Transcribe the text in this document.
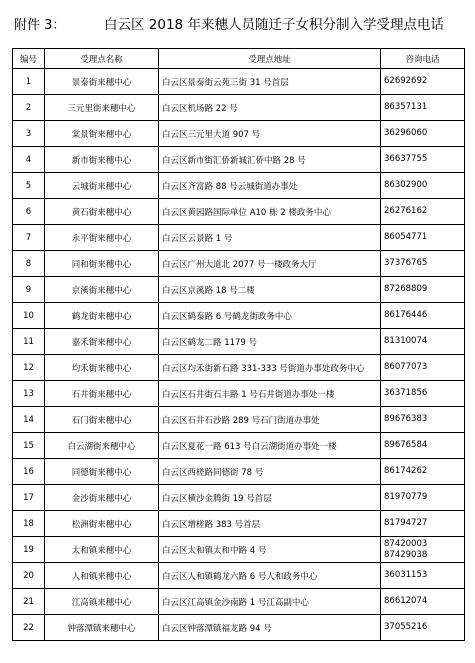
附件 3：	白云区 2018 年来穗人员随迁子女积分制入学受理点电话
编号	受理点名称	受理点地址	咨询电话
1	景泰街来穗中心	白云区景泰街云苑三街 31 号首层	62692692

2	三元里街来穗中心	白云区机场路 22 号	86357131

3	棠景街来穗中心	白云区三元里大道 907 号	36296060

4	新市街来穗中心	白云区新市街汇侨新城汇侨中路 28 号	36637755

5	云城街来穗中心	白云区齐富路 88 号云城街道办事处	86302900

6	黄石街来穗中心	白云区黄园路国际单位 A10 栋 2 楼政务中心	26276162

7	永平街来穗中心	白云区云景路 1 号	86054771

8	同和街来穗中心	白云区广州大道北 2077 号一楼政务大厅	37376765

9	京溪街来穗中心	白云区京溪路 18 号二楼	87268809

10	鹤龙街来穗中心	白云区鹤泰路 6 号鹤龙街政务中心	86176446

11	嘉禾街来穗中心	白云区鹤龙二路 1179 号	81310074

12	均禾街来穗中心	白云区均禾街新石路 331-333 号街道办事处政务中心	86077073

13	石井街来穗中心	白云区石井街石丰路 1 号石井街道办事处一楼	36371856

14	石门街来穗中心	白云区石井石沙路 289 号石门街道办事处	89676383

15	白云湖街来穗中心	白云区夏花一路 613 号白云湖街道办事处一楼	89676584

16	同德街来穗中心	白云区西槎路同德街 78 号	86174262

17	金沙街来穗中心	白云区横沙金腾街 19 号首层	81970779

18	松洲街来穗中心	白云区增槎路 383 号首层	81794727

19	太和镇来穗中心	白云区太和镇太和中路 4 号	87420003
87429038

20	人和镇来穗中心	白云区人和镇鹤龙六路 6 号人和政务中心	36031153

21	江高镇来穗中心	白云区江高镇金沙南路 1 号江高副中心	86612074

22	钟落潭镇来穗中心	白云区钟落潭镇福龙路 94 号	37055216
